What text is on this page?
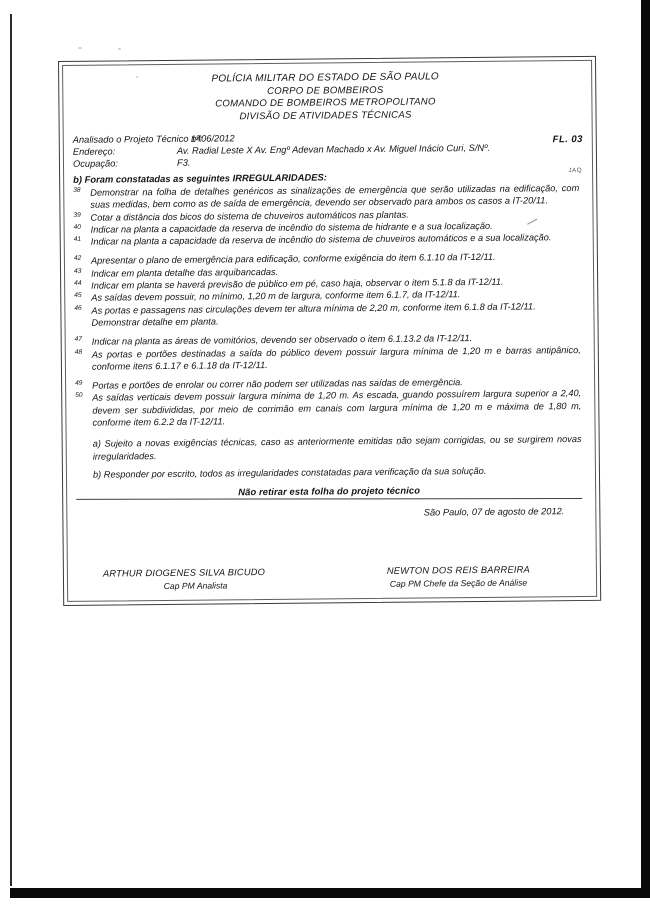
POLÍCIA MILITAR DO ESTADO DE SÃO PAULO
CORPO DE BOMBEIROS
COMANDO DE BOMBEIROS METROPOLITANO
DIVISÃO DE ATIVIDADES TÉCNICAS
FL. 03
JAQ
Analisado o Projeto Técnico nº:
1406/2012
Endereço:	Av. Radial Leste X Av. Engº Adevan Machado x Av. Miguel Inácio Curi, S/Nº.
Ocupação:	F3.
b) Foram constatadas as seguintes IRREGULARIDADES:
38	Demonstrar na folha de detalhes genéricos as sinalizações de emergência que serão utilizadas na edificação, com suas medidas, bem como as de saída de emergência, devendo ser observado para ambos os casos a IT-20/11.
39	Cotar a distância dos bicos do sistema de chuveiros automáticos nas plantas.
40	Indicar na planta a capacidade da reserva de incêndio do sistema de hidrante e a sua localização.
41	Indicar na planta a capacidade da reserva de incêndio do sistema de chuveiros automáticos e a sua localização.
42	Apresentar o plano de emergência para edificação, conforme exigência do item 6.1.10 da IT-12/11.
43	Indicar em planta detalhe das arquibancadas.
44	Indicar em planta se haverá previsão de público em pé, caso haja, observar o item 5.1.8 da IT-12/11.
45	As saídas devem possuir, no mínimo, 1,20 m de largura, conforme item 6.1.7, da IT-12/11.
46	As portas e passagens nas circulações devem ter altura mínima de 2,20 m, conforme item 6.1.8 da IT-12/11. Demonstrar detalhe em planta.
47	Indicar na planta as áreas de vomitórios, devendo ser observado o item 6.1.13.2 da IT-12/11.
48	As portas e portões destinadas a saída do público devem possuir largura mínima de 1,20 m e barras antipânico, conforme itens 6.1.17 e 6.1.18 da IT-12/11.
49	Portas e portões de enrolar ou correr não podem ser utilizadas nas saídas de emergência.
50	As saídas verticais devem possuir largura mínima de 1,20 m. As escada, quando possuírem largura superior a 2,40, devem ser subdivididas, por meio de corrimão em canais com largura mínima de 1,20 m e máxima de 1,80 m, conforme item 6.2.2 da IT-12/11.
a) Sujeito a novas exigências técnicas, caso as anteriormente emitidas não sejam corrigidas, ou se surgirem novas irregularidades.
b) Responder por escrito, todos as irregularidades constatadas para verificação da sua solução.
Não retirar esta folha do projeto técnico
São Paulo, 07 de agosto de 2012.
ARTHUR DIOGENES SILVA BICUDO
Cap PM Analista
NEWTON DOS REIS BARREIRA
Cap PM Chefe da Seção de Análise
